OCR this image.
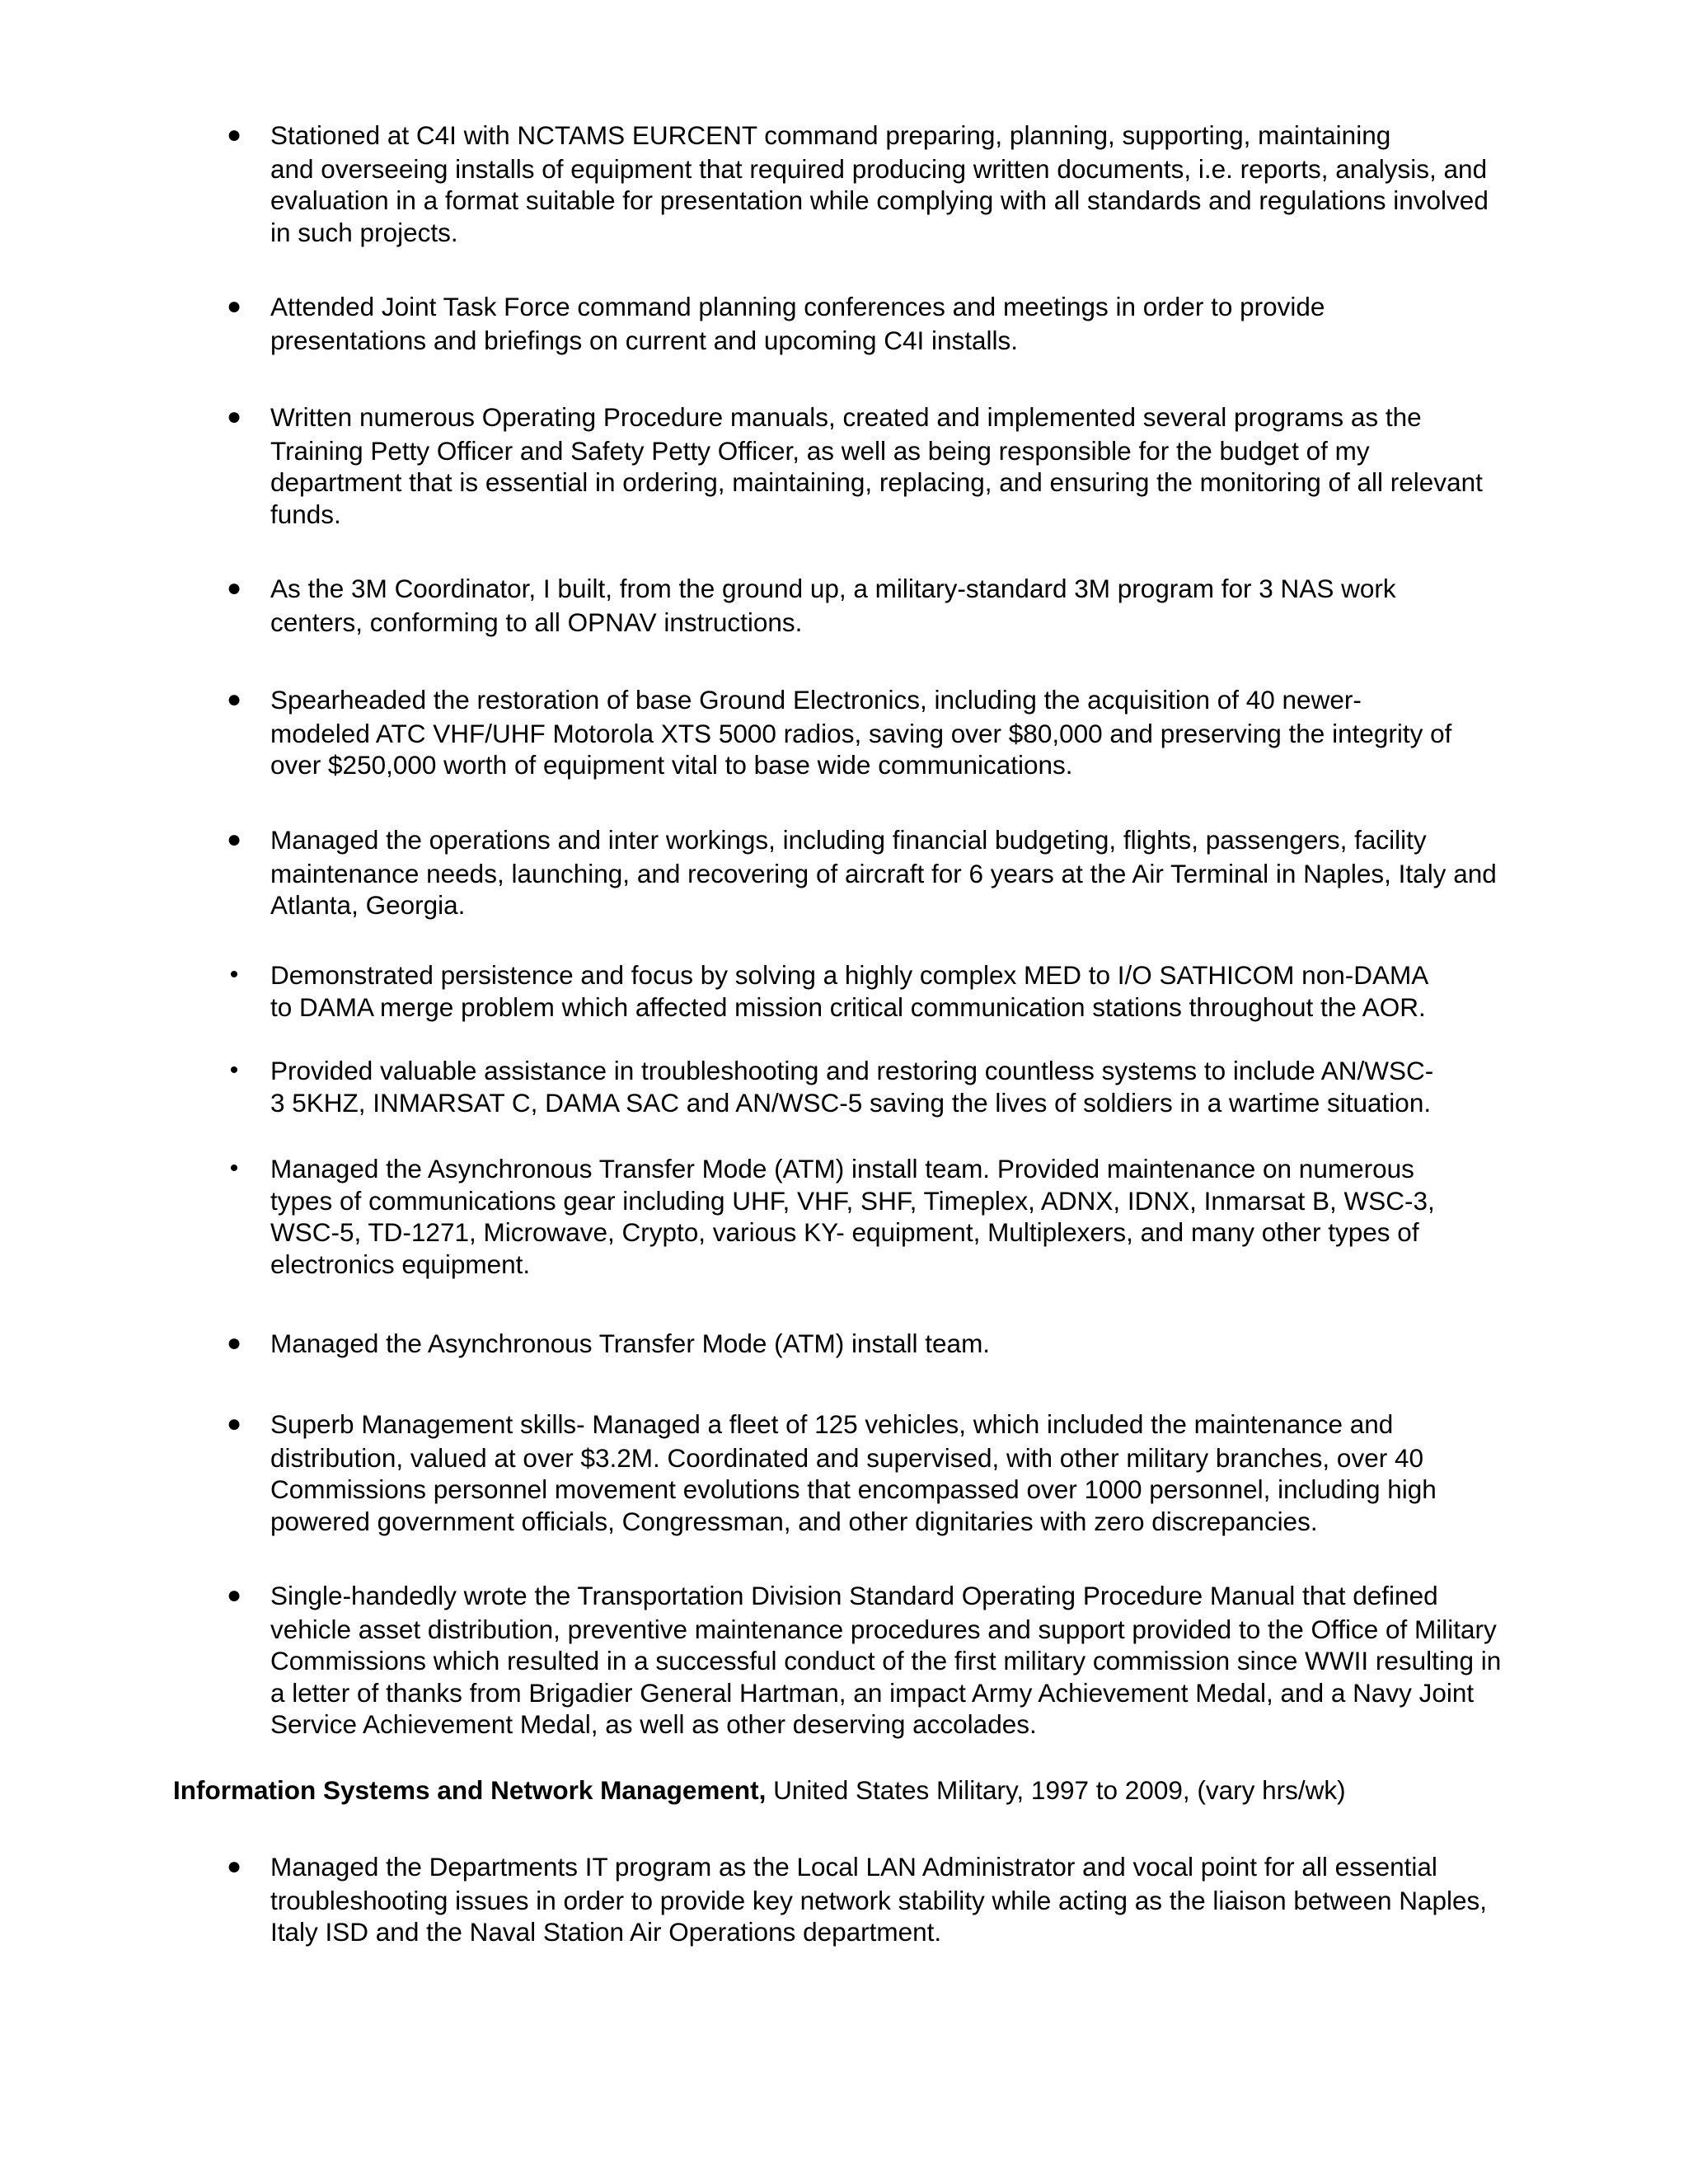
● Stationed at C4I with NCTAMS EURCENT command preparing, planning, supporting, maintaining
and overseeing installs of equipment that required producing written documents, i.e. reports, analysis, and evaluation in a format suitable for presentation while complying with all standards and regulations involved in such projects.
● Attended Joint Task Force command planning conferences and meetings in order to provide
presentations and briefings on current and upcoming C4I installs.
● Written numerous Operating Procedure manuals, created and implemented several programs as the
Training Petty Officer and Safety Petty Officer, as well as being responsible for the budget of my department that is essential in ordering, maintaining, replacing, and ensuring the monitoring of all relevant funds.
● As the 3M Coordinator, I built, from the ground up, a military-standard 3M program for 3 NAS work
centers, conforming to all OPNAV instructions.
● Spearheaded the restoration of base Ground Electronics, including the acquisition of 40 newer-
modeled ATC VHF/UHF Motorola XTS 5000 radios, saving over $80,000 and preserving the integrity of over $250,000 worth of equipment vital to base wide communications.
● Managed the operations and inter workings, including financial budgeting, flights, passengers, facility
maintenance needs, launching, and recovering of aircraft for 6 years at the Air Terminal in Naples, Italy and Atlanta, Georgia.
• Demonstrated persistence and focus by solving a highly complex MED to I/O SATHICOM non-DAMA
to DAMA merge problem which affected mission critical communication stations throughout the AOR.
• Provided valuable assistance in troubleshooting and restoring countless systems to include AN/WSC-
3 5KHZ, INMARSAT C, DAMA SAC and AN/WSC-5 saving the lives of soldiers in a wartime situation.
• Managed the Asynchronous Transfer Mode (ATM) install team. Provided maintenance on numerous
types of communications gear including UHF, VHF, SHF, Timeplex, ADNX, IDNX, Inmarsat B, WSC-3, WSC-5, TD-1271, Microwave, Crypto, various KY- equipment, Multiplexers, and many other types of electronics equipment.
● Managed the Asynchronous Transfer Mode (ATM) install team.
● Superb Management skills- Managed a fleet of 125 vehicles, which included the maintenance and
distribution, valued at over $3.2M. Coordinated and supervised, with other military branches, over 40 Commissions personnel movement evolutions that encompassed over 1000 personnel, including high powered government officials, Congressman, and other dignitaries with zero discrepancies.
● Single-handedly wrote the Transportation Division Standard Operating Procedure Manual that defined
vehicle asset distribution, preventive maintenance procedures and support provided to the Office of Military Commissions which resulted in a successful conduct of the first military commission since WWII resulting in a letter of thanks from Brigadier General Hartman, an impact Army Achievement Medal, and a Navy Joint Service Achievement Medal, as well as other deserving accolades.
Information Systems and Network Management, United States Military, 1997 to 2009, (vary hrs/wk)
● Managed the Departments IT program as the Local LAN Administrator and vocal point for all essential
troubleshooting issues in order to provide key network stability while acting as the liaison between Naples, Italy ISD and the Naval Station Air Operations department.
